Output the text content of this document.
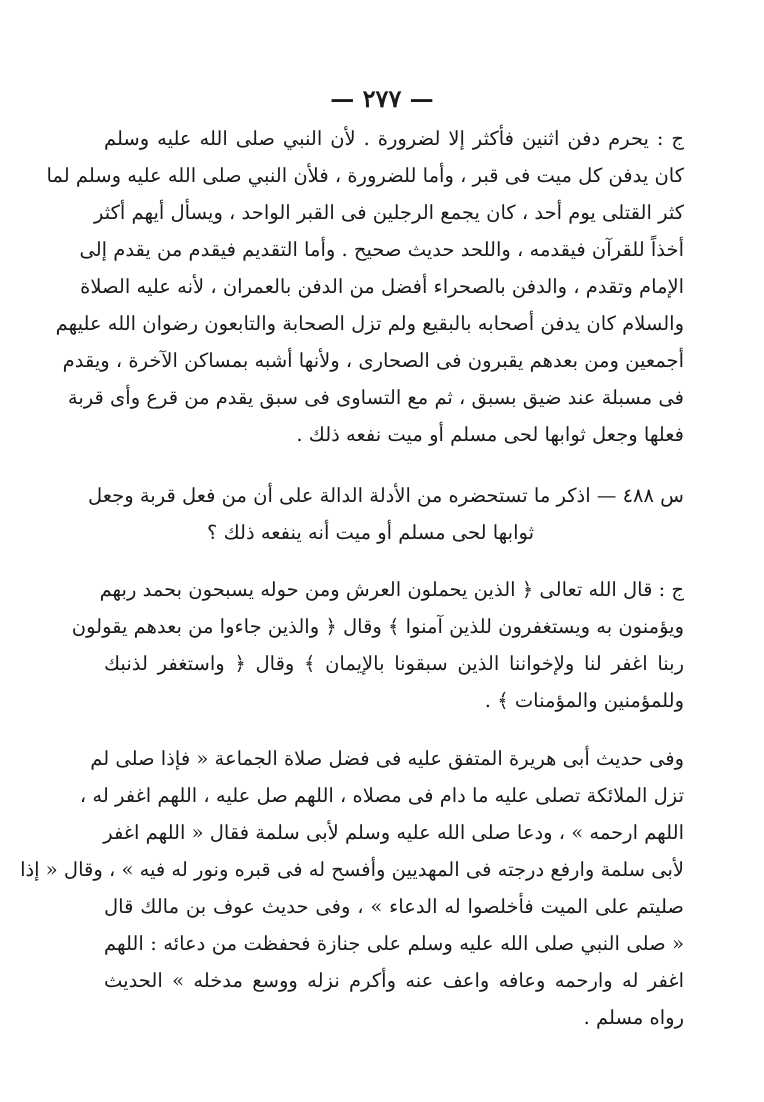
— ٢٧٧ —
ج : يحرم دفن اثنين فأكثر إلا لضرورة . لأن النبي صلى الله عليه وسلم
كان يدفن كل ميت فى قبر ، وأما للضرورة ، فلأن النبي صلى الله عليه وسلم لما
كثر القتلى يوم أحد ، كان يجمع الرجلين فى القبر الواحد ، ويسأل أيهم أكثر
أخذاً للقرآن فيقدمه ، واللحد حديث صحيح . وأما التقديم فيقدم من يقدم إلى
الإمام وتقدم ، والدفن بالصحراء أفضل من الدفن بالعمران ، لأنه عليه الصلاة
والسلام كان يدفن أصحابه بالبقيع ولم تزل الصحابة والتابعون رضوان الله عليهم
أجمعين ومن بعدهم يقبرون فى الصحارى ، ولأنها أشبه بمساكن الآخرة ، ويقدم
فى مسبلة عند ضيق بسبق ، ثم مع التساوى فى سبق يقدم من قرع وأى قربة
فعلها وجعل ثوابها لحى مسلم أو ميت نفعه ذلك .
س ٤٨٨ — اذكر ما تستحضره من الأدلة الدالة على أن من فعل قربة وجعل
ثوابها لحى مسلم أو ميت أنه ينفعه ذلك ؟
ج : قال الله تعالى ﴿ الذين يحملون العرش ومن حوله يسبحون بحمد ربهم
ويؤمنون به ويستغفرون للذين آمنوا ﴾ وقال ﴿ والذين جاءوا من بعدهم يقولون
ربنا اغفر لنا ولإخواننا الذين سبقونا بالإيمان ﴾ وقال ﴿ واستغفر لذنبك
وللمؤمنين والمؤمنات ﴾ .
وفى حديث أبى هريرة المتفق عليه فى فضل صلاة الجماعة « فإذا صلى لم
تزل الملائكة تصلى عليه ما دام فى مصلاه ، اللهم صل عليه ، اللهم اغفر له ،
اللهم ارحمه » ، ودعا صلى الله عليه وسلم لأبى سلمة فقال « اللهم اغفر
لأبى سلمة وارفع درجته فى المهديين وأفسح له فى قبره ونور له فيه » ، وقال « إذا
صليتم على الميت فأخلصوا له الدعاء » ، وفى حديث عوف بن مالك قال
« صلى النبي صلى الله عليه وسلم على جنازة فحفظت من دعائه : اللهم
اغفر له وارحمه وعافه واعف عنه وأكرم نزله ووسع مدخله » الحديث
رواه مسلم .
